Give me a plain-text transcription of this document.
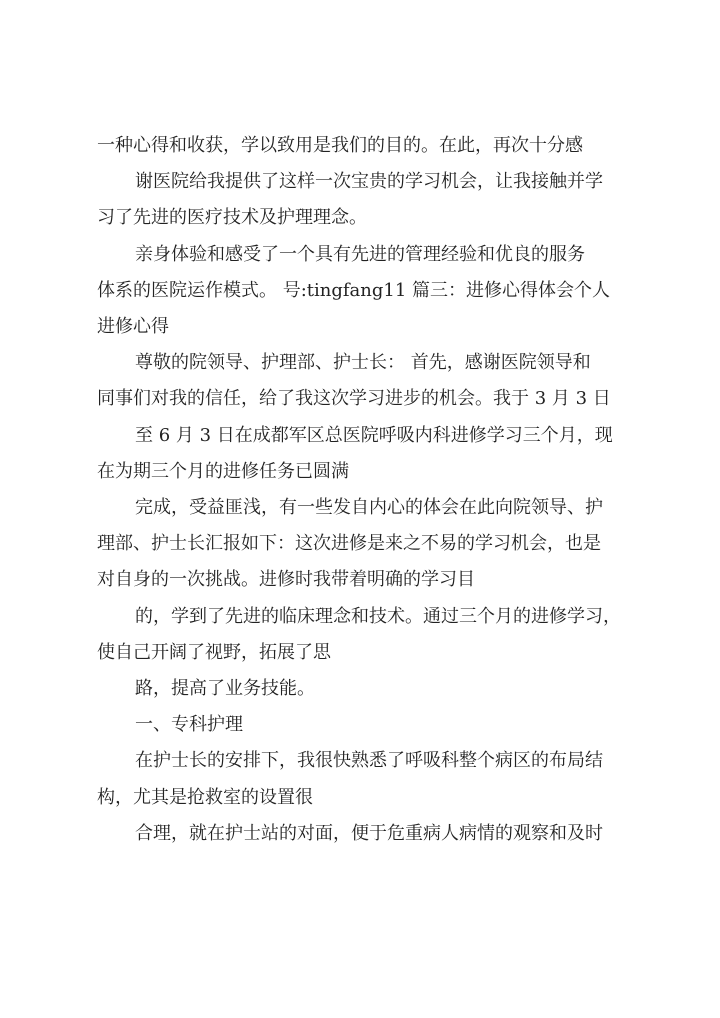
一种心得和收获，学以致用是我们的目的。在此，再次十分感

谢医院给我提供了这样一次宝贵的学习机会，让我接触并学

习了先进的医疗技术及护理理念。

亲身体验和感受了一个具有先进的管理经验和优良的服务

体系的医院运作模式。 号:tingfang11 篇三：进修心得体会个人

进修心得

尊敬的院领导、护理部、护士长： 首先，感谢医院领导和

同事们对我的信任，给了我这次学习进步的机会。我于 3 月 3 日

至 6 月 3 日在成都军区总医院呼吸内科进修学习三个月，现

在为期三个月的进修任务已圆满

完成，受益匪浅，有一些发自内心的体会在此向院领导、护

理部、护士长汇报如下：这次进修是来之不易的学习机会，也是

对自身的一次挑战。进修时我带着明确的学习目

的，学到了先进的临床理念和技术。通过三个月的进修学习，

使自己开阔了视野，拓展了思

路，提高了业务技能。

一、专科护理

在护士长的安排下，我很快熟悉了呼吸科整个病区的布局结

构，尤其是抢救室的设置很

合理，就在护士站的对面，便于危重病人病情的观察和及时
